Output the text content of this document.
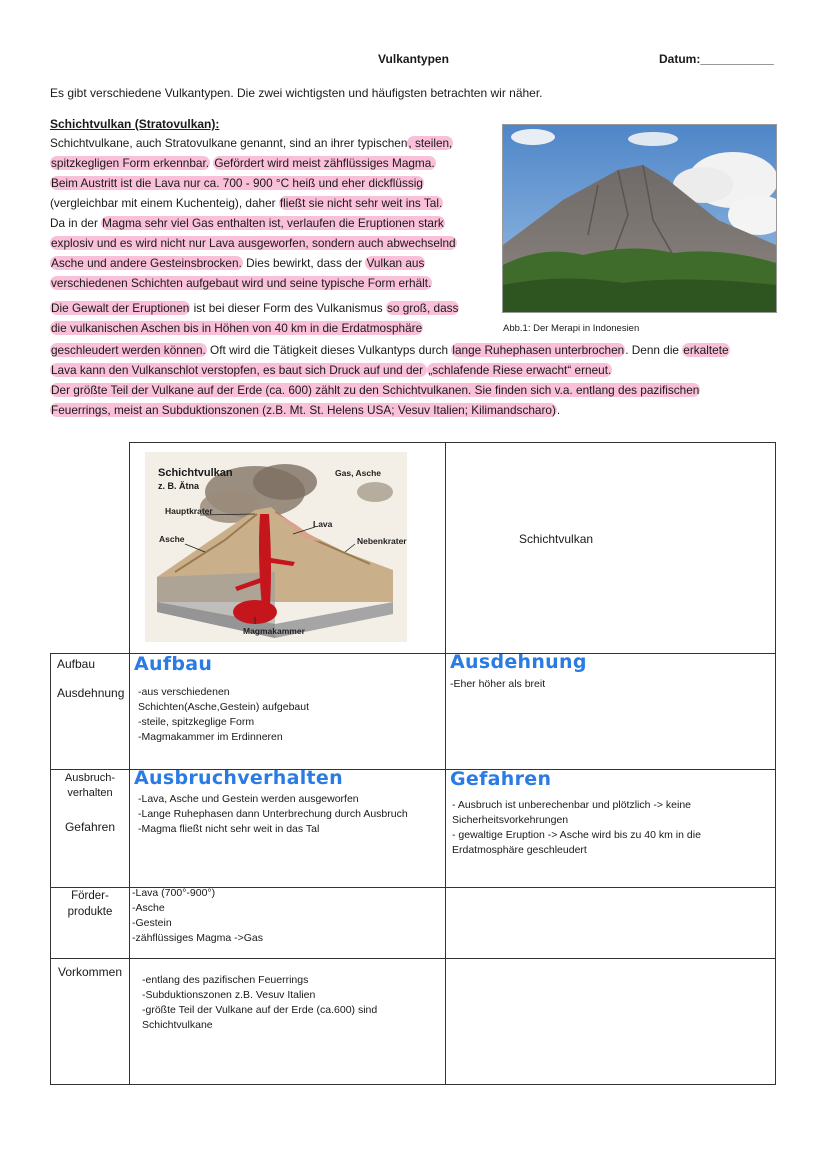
Vulkantypen	Datum:___________
Es gibt verschiedene Vulkantypen. Die zwei wichtigsten und häufigsten betrachten wir näher.
Schichtvulkan (Stratovulkan):
Schichtvulkane, auch Stratovulkane genannt, sind an ihrer typischen, steilen,
spitzkegligen Form erkennbar. Gefördert wird meist zähflüssiges Magma.
Beim Austritt ist die Lava nur ca. 700 - 900 °C heiß und eher dickflüssig
(vergleichbar mit einem Kuchenteig), daher fließt sie nicht sehr weit ins Tal.
Da in der Magma sehr viel Gas enthalten ist, verlaufen die Eruptionen stark
explosiv und es wird nicht nur Lava ausgeworfen, sondern auch abwechselnd
Asche und andere Gesteinsbrocken. Dies bewirkt, dass der Vulkan aus
verschiedenen Schichten aufgebaut wird und seine typische Form erhält.
Die Gewalt der Eruptionen ist bei dieser Form des Vulkanismus so groß, dass
die vulkanischen Aschen bis in Höhen von 40 km in die Erdatmosphäre
geschleudert werden können. Oft wird die Tätigkeit dieses Vulkantyps durch lange Ruhephasen unterbrochen. Denn die erkaltete
Lava kann den Vulkanschlot verstopfen, es baut sich Druck auf und der „schlafende Riese erwacht“ erneut.
Der größte Teil der Vulkane auf der Erde (ca. 600) zählt zu den Schichtvulkanen. Sie finden sich v.a. entlang des pazifischen
Feuerrings, meist an Subduktionszonen (z.B. Mt. St. Helens USA; Vesuv Italien; Kilimandscharo).
Abb.1: Der Merapi in Indonesien
Schichtvulkan
Aufbau
Ausdehnung
Ausbruch-
verhalten
Gefahren
Förder-
produkte
Vorkommen
Aufbau
-aus verschiedenen
Schichten(Asche,Gestein) aufgebaut
-steile, spitzkeglige Form
-Magmakammer im Erdinneren
Ausdehnung
-Eher höher als breit
Ausbruchverhalten
-Lava, Asche und Gestein werden ausgeworfen
-Lange Ruhephasen dann Unterbrechung durch Ausbruch
-Magma fließt nicht sehr weit in das Tal
Gefahren
- Ausbruch ist unberechenbar und plötzlich -> keine
Sicherheitsvorkehrungen
- gewaltige Eruption -> Asche wird bis zu 40 km in die
Erdatmosphäre geschleudert
-Lava (700°-900°)
-Asche
-Gestein
-zähflüssiges Magma ->Gas
-entlang des pazifischen Feuerrings
-Subduktionszonen z.B. Vesuv Italien
-größte Teil der Vulkane auf der Erde (ca.600) sind
Schichtvulkane
Hauptkrater
Lava
Asche	Nebenkrater
Magmakammer
Gas, Asche
Schichtvulkan
z. B. Ätna
